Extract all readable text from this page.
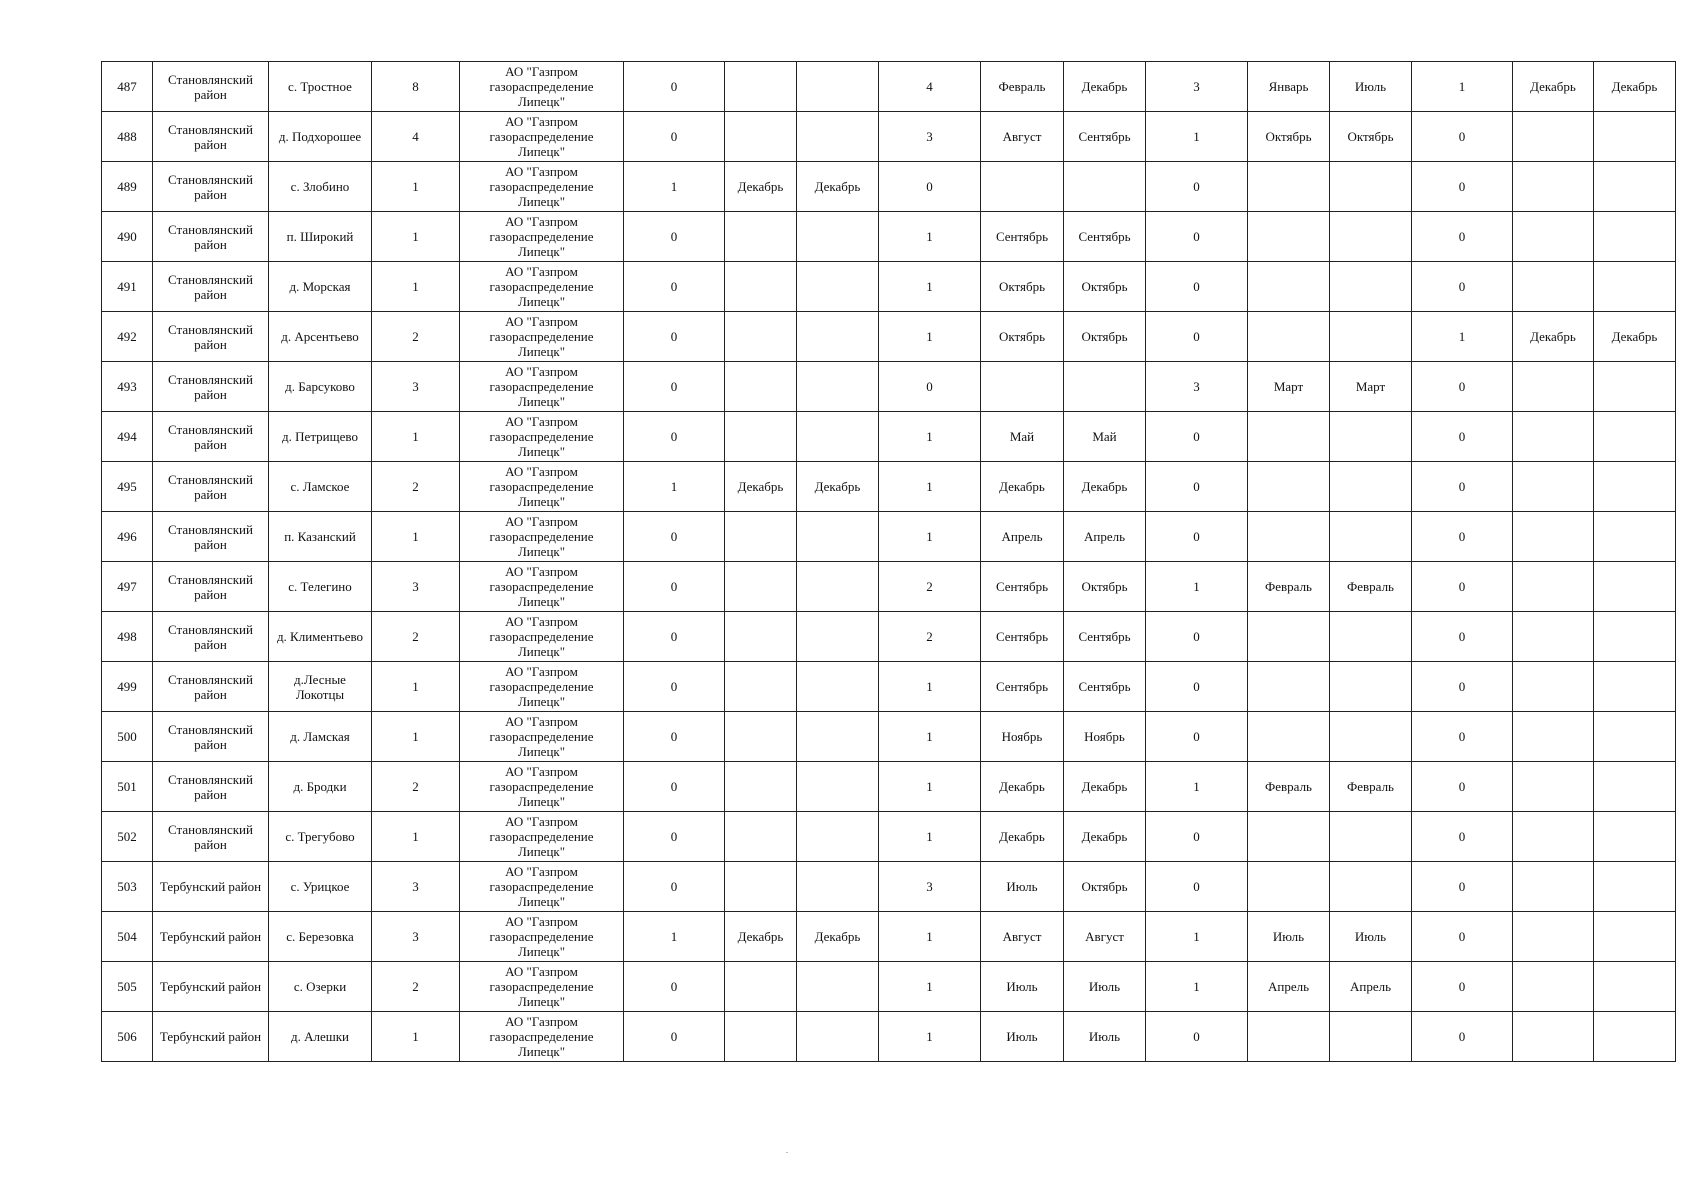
487	Становлянский район	с. Тростное	8	АО "Газпром
газораспределение
Липецк"	0			4	Февраль	Декабрь	3	Январь	Июль	1	Декабрь	Декабрь
488	Становлянский район	д. Подхорошее	4	АО "Газпром
газораспределение
Липецк"	0			3	Август	Сентябрь	1	Октябрь	Октябрь	0		
489	Становлянский район	с. Злобино	1	АО "Газпром
газораспределение
Липецк"	1	Декабрь	Декабрь	0			0			0		
490	Становлянский район	п. Широкий	1	АО "Газпром
газораспределение
Липецк"	0			1	Сентябрь	Сентябрь	0			0		
491	Становлянский район	д. Морская	1	АО "Газпром
газораспределение
Липецк"	0			1	Октябрь	Октябрь	0			0		
492	Становлянский район	д. Арсентьево	2	АО "Газпром
газораспределение
Липецк"	0			1	Октябрь	Октябрь	0			1	Декабрь	Декабрь
493	Становлянский район	д. Барсуково	3	АО "Газпром
газораспределение
Липецк"	0			0			3	Март	Март	0		
494	Становлянский район	д. Петрищево	1	АО "Газпром
газораспределение
Липецк"	0			1	Май	Май	0			0		
495	Становлянский район	с. Ламское	2	АО "Газпром
газораспределение
Липецк"	1	Декабрь	Декабрь	1	Декабрь	Декабрь	0			0		
496	Становлянский район	п. Казанский	1	АО "Газпром
газораспределение
Липецк"	0			1	Апрель	Апрель	0			0		
497	Становлянский район	с. Телегино	3	АО "Газпром
газораспределение
Липецк"	0			2	Сентябрь	Октябрь	1	Февраль	Февраль	0		
498	Становлянский район	д. Климентьево	2	АО "Газпром
газораспределение
Липецк"	0			2	Сентябрь	Сентябрь	0			0		
499	Становлянский район	д.Лесные Локотцы	1	АО "Газпром
газораспределение
Липецк"	0			1	Сентябрь	Сентябрь	0			0		
500	Становлянский район	д. Ламская	1	АО "Газпром
газораспределение
Липецк"	0			1	Ноябрь	Ноябрь	0			0		
501	Становлянский район	д. Бродки	2	АО "Газпром
газораспределение
Липецк"	0			1	Декабрь	Декабрь	1	Февраль	Февраль	0		
502	Становлянский район	с. Трегубово	1	АО "Газпром
газораспределение
Липецк"	0			1	Декабрь	Декабрь	0			0		
503	Тербунский район	с. Урицкое	3	АО "Газпром
газораспределение
Липецк"	0			3	Июль	Октябрь	0			0		
504	Тербунский район	с. Березовка	3	АО "Газпром
газораспределение
Липецк"	1	Декабрь	Декабрь	1	Август	Август	1	Июль	Июль	0		
505	Тербунский район	с. Озерки	2	АО "Газпром
газораспределение
Липецк"	0			1	Июль	Июль	1	Апрель	Апрель	0		
506	Тербунский район	д. Алешки	1	АО "Газпром
газораспределение
Липецк"	0			1	Июль	Июль	0			0		
